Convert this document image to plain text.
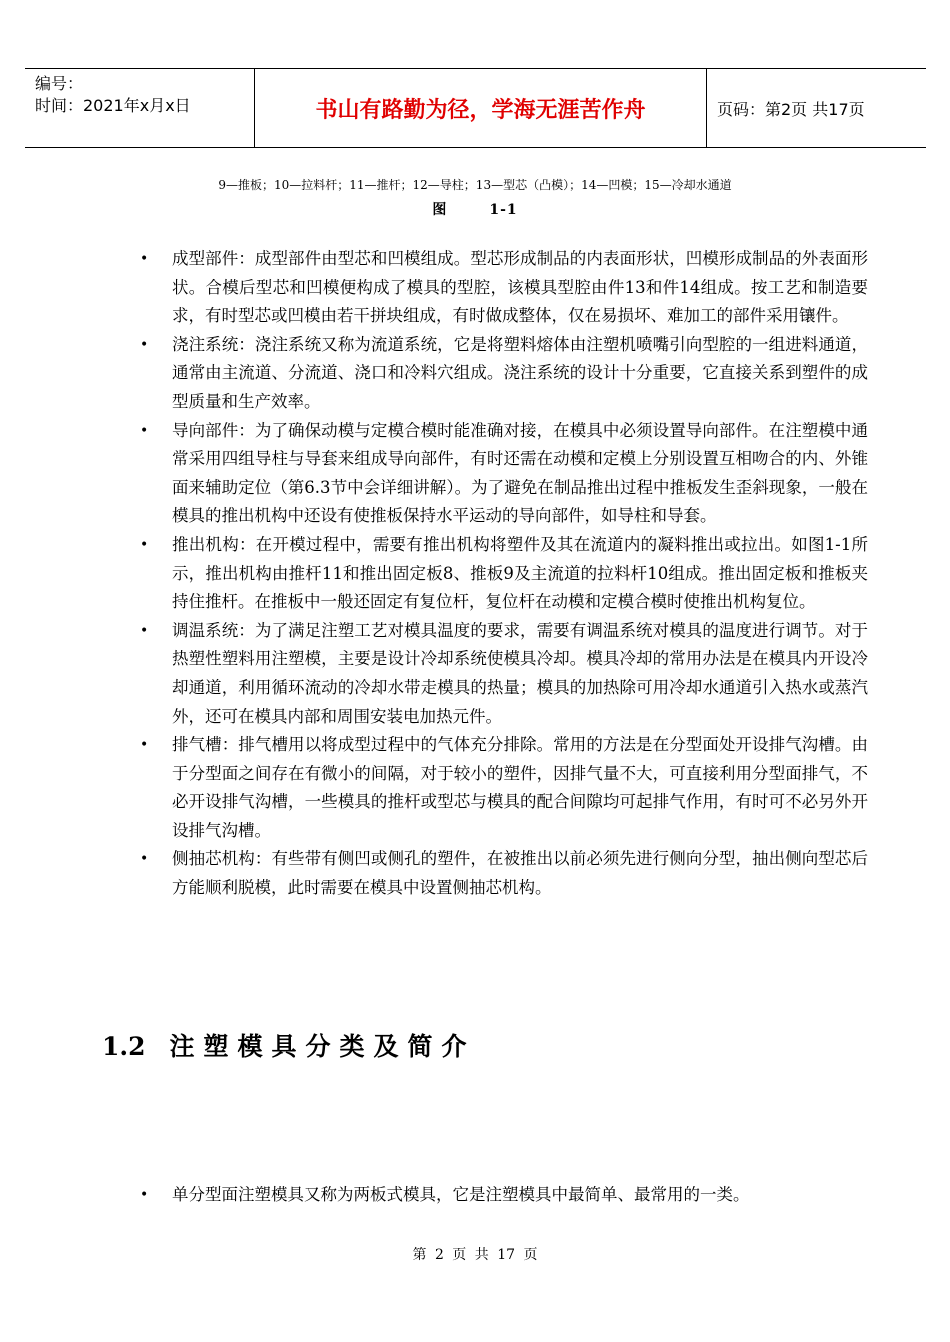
编号：
时间：2021年x月x日	书山有路勤为径，学海无涯苦作舟	页码：第2页 共17页
9—推板；10—拉料杆；11—推杆；12—导柱；13—型芯（凸模）；14—凹模；15—冷却水通道
图	1-1
• 成型部件：成型部件由型芯和凹模组成。型芯形成制品的内表面形状，凹模形成制品的外表面形状。合模后型芯和凹模便构成了模具的型腔，该模具型腔由件13和件14组成。按工艺和制造要求，有时型芯或凹模由若干拼块组成，有时做成整体，仅在易损坏、难加工的部件采用镶件。
• 浇注系统：浇注系统又称为流道系统，它是将塑料熔体由注塑机喷嘴引向型腔的一组进料通道，通常由主流道、分流道、浇口和冷料穴组成。浇注系统的设计十分重要，它直接关系到塑件的成型质量和生产效率。
• 导向部件：为了确保动模与定模合模时能准确对接，在模具中必须设置导向部件。在注塑模中通常采用四组导柱与导套来组成导向部件，有时还需在动模和定模上分别设置互相吻合的内、外锥面来辅助定位（第6.3节中会详细讲解）。为了避免在制品推出过程中推板发生歪斜现象，一般在模具的推出机构中还设有使推板保持水平运动的导向部件，如导柱和导套。
• 推出机构：在开模过程中，需要有推出机构将塑件及其在流道内的凝料推出或拉出。如图1-1所示，推出机构由推杆11和推出固定板8、推板9及主流道的拉料杆10组成。推出固定板和推板夹持住推杆。在推板中一般还固定有复位杆，复位杆在动模和定模合模时使推出机构复位。
• 调温系统：为了满足注塑工艺对模具温度的要求，需要有调温系统对模具的温度进行调节。对于热塑性塑料用注塑模，主要是设计冷却系统使模具冷却。模具冷却的常用办法是在模具内开设冷却通道，利用循环流动的冷却水带走模具的热量；模具的加热除可用冷却水通道引入热水或蒸汽外，还可在模具内部和周围安装电加热元件。
• 排气槽：排气槽用以将成型过程中的气体充分排除。常用的方法是在分型面处开设排气沟槽。由于分型面之间存在有微小的间隔，对于较小的塑件，因排气量不大，可直接利用分型面排气，不必开设排气沟槽，一些模具的推杆或型芯与模具的配合间隙均可起排气作用，有时可不必另外开设排气沟槽。
• 侧抽芯机构：有些带有侧凹或侧孔的塑件，在被推出以前必须先进行侧向分型，抽出侧向型芯后方能顺利脱模，此时需要在模具中设置侧抽芯机构。
1.2 注塑模具分类及简介
• 单分型面注塑模具又称为两板式模具，它是注塑模具中最简单、最常用的一类。
第 2 页 共 17 页
